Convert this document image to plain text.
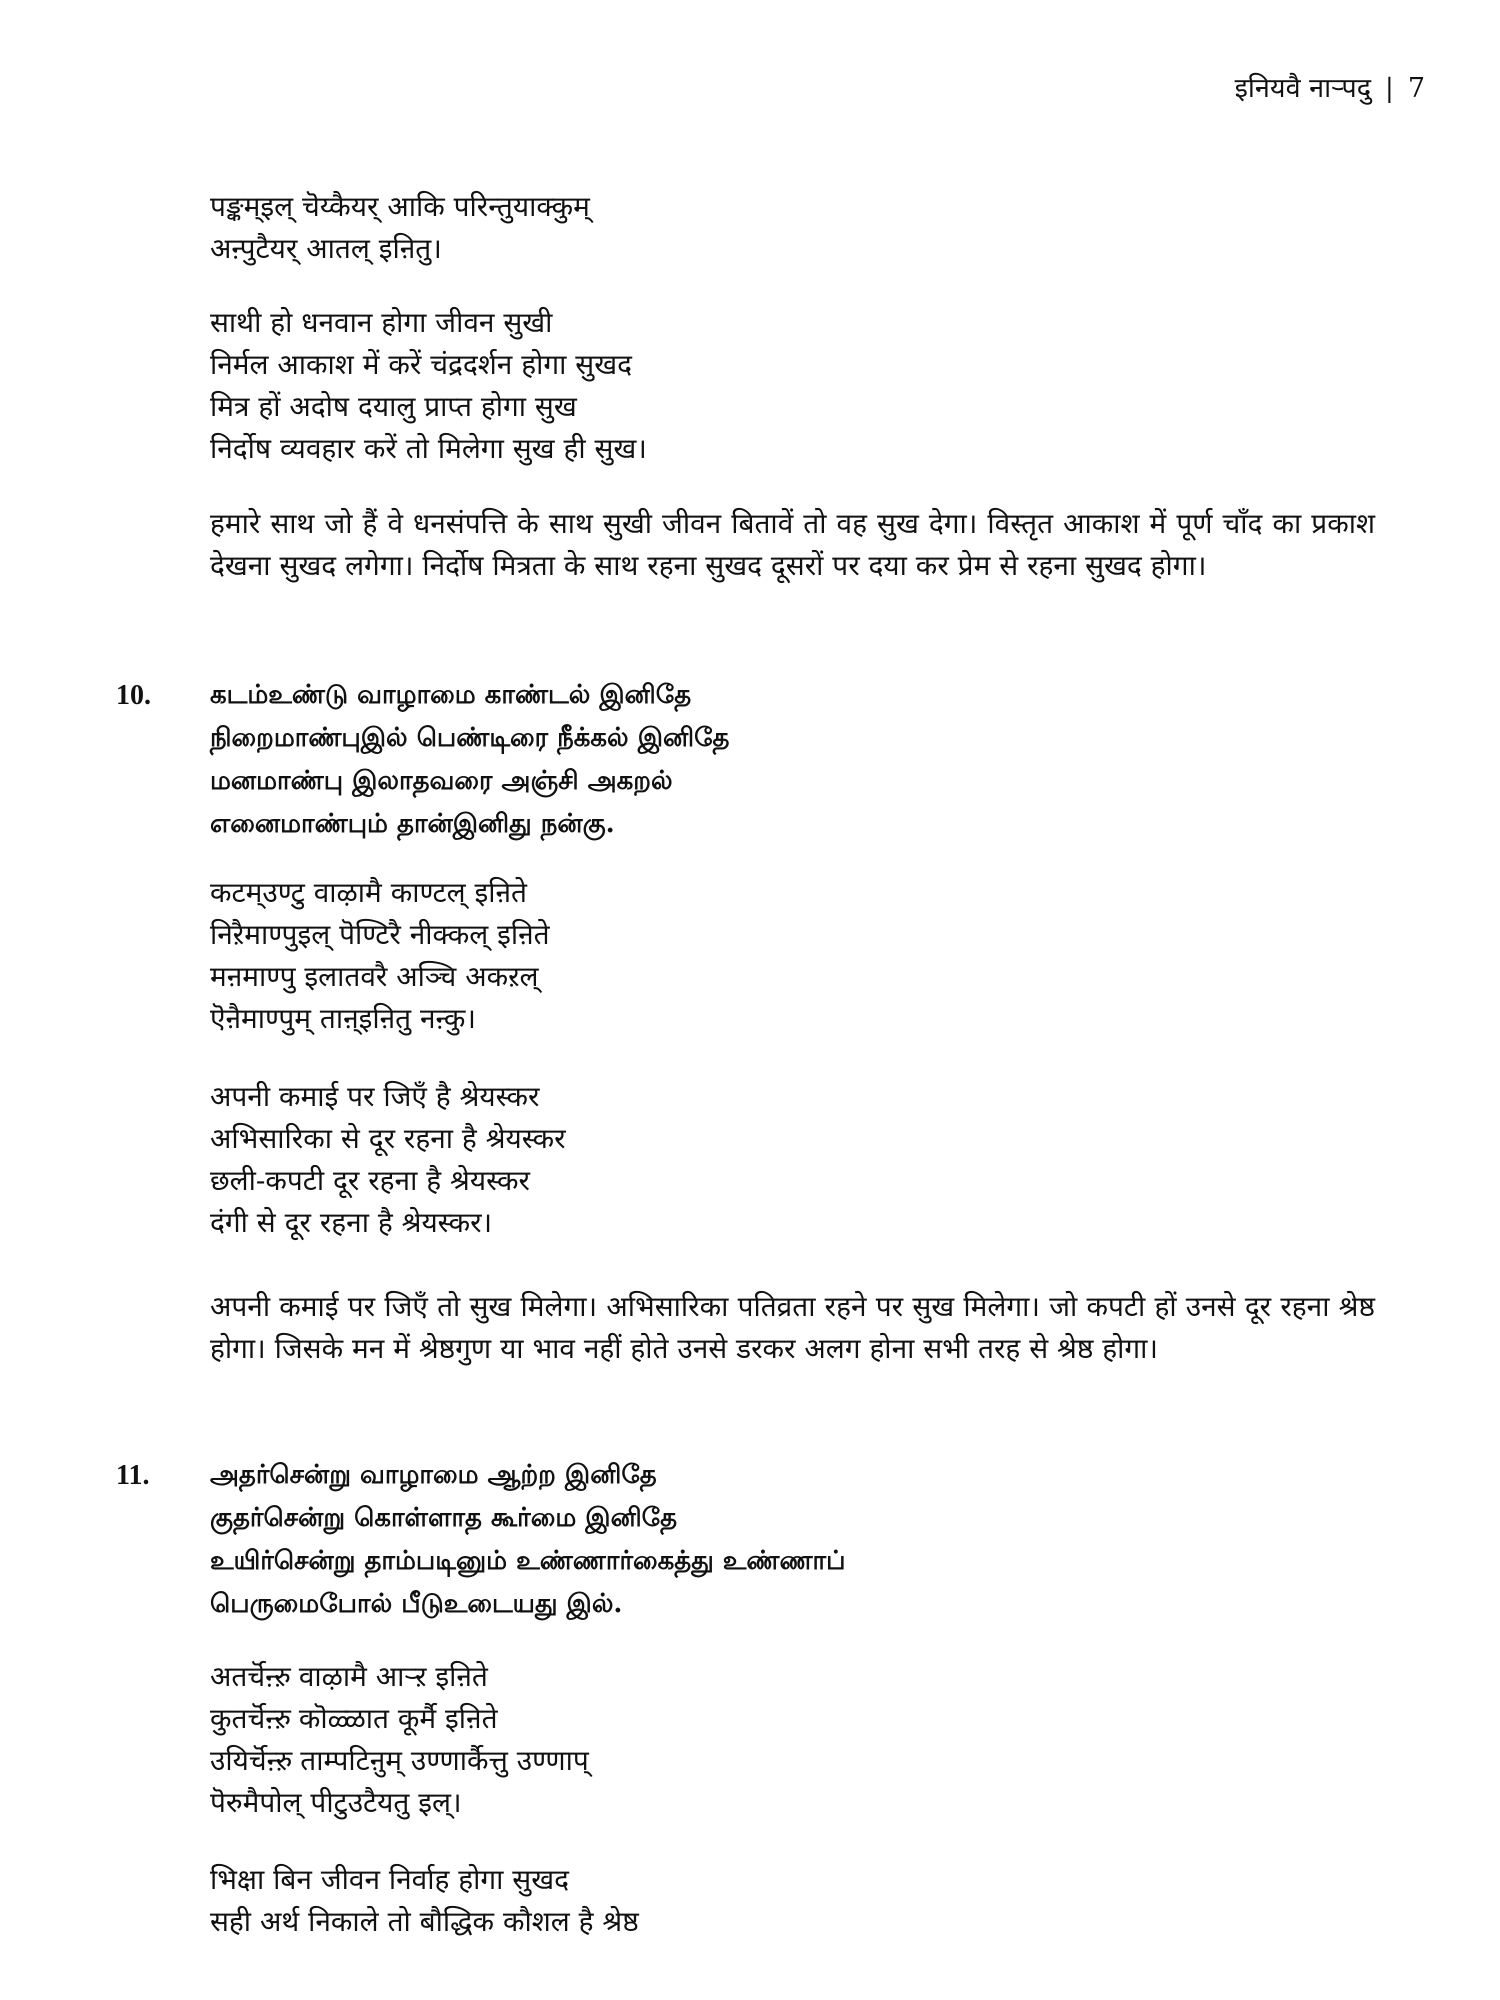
इनियवै नाऱ्पदु | 7
पङ्कम्इल् चॆय्कैयर् आकि परिन्तुयाक्कुम्
अऩ्पुटैयर् आतल् इऩितु।
साथी हो धनवान होगा जीवन सुखी
निर्मल आकाश में करें चंद्रदर्शन होगा सुखद
मित्र हों अदोष दयालु प्राप्त होगा सुख
निर्दोष व्यवहार करें तो मिलेगा सुख ही सुख।
हमारे साथ जो हैं वे धनसंपत्ति के साथ सुखी जीवन बितावें तो वह सुख देगा। विस्तृत आकाश में पूर्ण चाँद का प्रकाश देखना सुखद लगेगा। निर्दोष मित्रता के साथ रहना सुखद दूसरों पर दया कर प्रेम से रहना सुखद होगा।
10. கடம்உண்டு வாழாமை காண்டல் இனிதே
நிறைமாண்புஇல் பெண்டிரை நீக்கல் இனிதே
மனமாண்பு இலாதவரை அஞ்சி அகறல்
எனைமாண்பும் தான்இனிது நன்கு.
कटम्उण्टु वाऴामै काण्टल् इऩिते
निऱैमाण्पुइल् पॆण्टिरै नीक्कल् इऩिते
मऩमाण्पु इलातवरै अञ्चि अकऱल्
ऎऩैमाण्पुम् ताऩ्इऩितु नऩ्कु।
अपनी कमाई पर जिएँ है श्रेयस्कर
अभिसारिका से दूर रहना है श्रेयस्कर
छली-कपटी दूर रहना है श्रेयस्कर
दंगी से दूर रहना है श्रेयस्कर।
अपनी कमाई पर जिएँ तो सुख मिलेगा। अभिसारिका पतिव्रता रहने पर सुख मिलेगा। जो कपटी हों उनसे दूर रहना श्रेष्ठ होगा। जिसके मन में श्रेष्ठगुण या भाव नहीं होते उनसे डरकर अलग होना सभी तरह से श्रेष्ठ होगा।
11. அதர்சென்று வாழாமை ஆற்ற இனிதே
குதர்சென்று கொள்ளாத கூர்மை இனிதே
உயிர்சென்று தாம்படினும் உண்ணார்கைத்து உண்ணாப்
பெருமைபோல் பீடுஉடையது இல்.
अतर्चॆऩ्ऱु वाऴामै आऱ्ऱ इऩिते
कुतर्चॆऩ्ऱु कॊळ्ळात कूर्मै इऩिते
उयिर्चॆऩ्ऱु ताम्पटिऩुम् उण्णार्कैत्तु उण्णाप्
पॆरुमैपोल् पीटुउटैयतु इल्।
भिक्षा बिन जीवन निर्वाह होगा सुखद
सही अर्थ निकाले तो बौद्धिक कौशल है श्रेष्ठ
